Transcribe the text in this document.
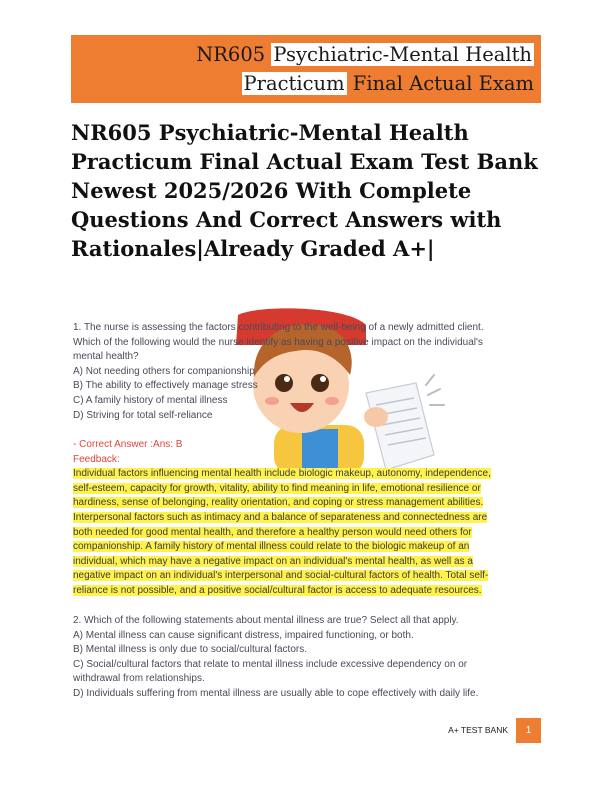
NR605 Psychiatric-Mental Health
Practicum Final Actual Exam
NR605 Psychiatric-Mental Health
Practicum Final Actual Exam Test Bank
Newest 2025/2026 With Complete
Questions And Correct Answers with
Rationales|Already Graded A+|
1. The nurse is assessing the factors contributing to the well-being of a newly admitted client.
Which of the following would the nurse identify as having a positive impact on the individual's
mental health?
A) Not needing others for companionship
B) The ability to effectively manage stress
C) A family history of mental illness
D) Striving for total self-reliance
- Correct Answer :Ans: B
Feedback:
Individual factors influencing mental health include biologic makeup, autonomy, independence,
self-esteem, capacity for growth, vitality, ability to find meaning in life, emotional resilience or
hardiness, sense of belonging, reality orientation, and coping or stress management abilities.
Interpersonal factors such as intimacy and a balance of separateness and connectedness are
both needed for good mental health, and therefore a healthy person would need others for
companionship. A family history of mental illness could relate to the biologic makeup of an
individual, which may have a negative impact on an individual's mental health, as well as a
negative impact on an individual's interpersonal and social-cultural factors of health. Total self-
reliance is not possible, and a positive social/cultural factor is access to adequate resources.
2. Which of the following statements about mental illness are true? Select all that apply.
A) Mental illness can cause significant distress, impaired functioning, or both.
B) Mental illness is only due to social/cultural factors.
C) Social/cultural factors that relate to mental illness include excessive dependency on or
withdrawal from relationships.
D) Individuals suffering from mental illness are usually able to cope effectively with daily life.
A+ TEST BANK	1
